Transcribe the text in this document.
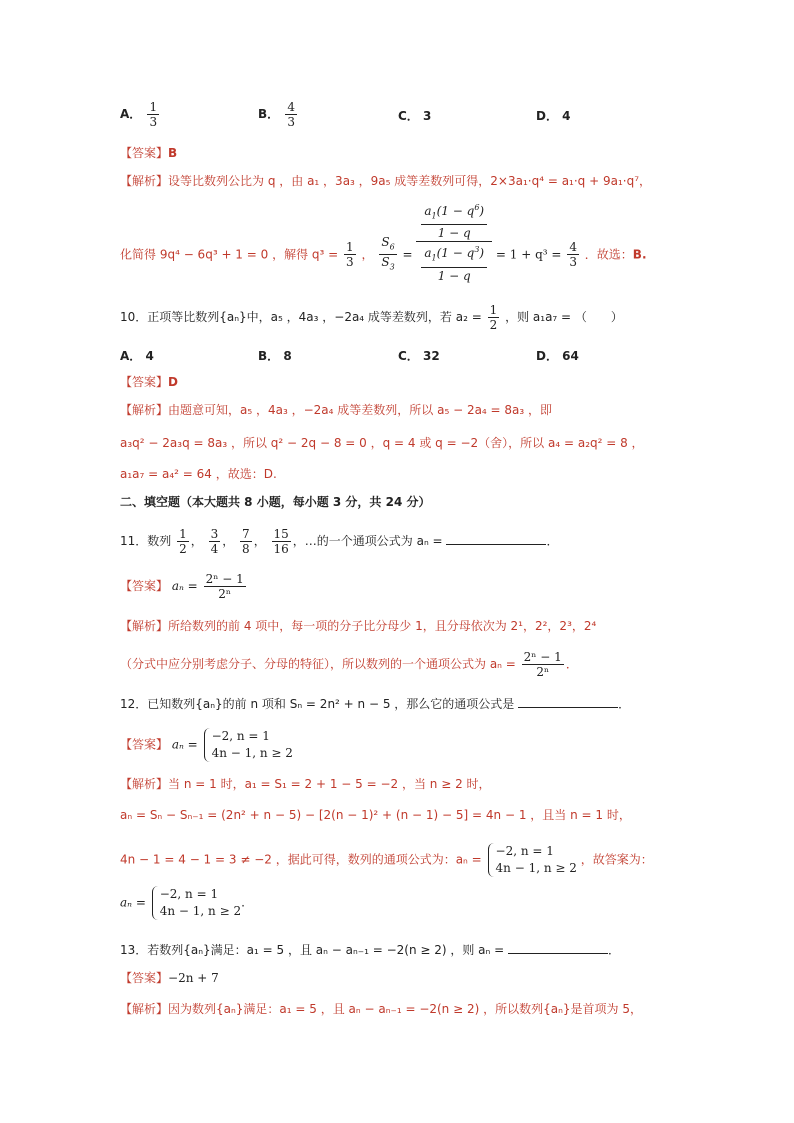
A． $\frac{1}{3}$	B． $\frac{4}{3}$	C． 3	D． 4
【答案】B
【解析】设等比数列公比为 q ，由 a₁ ，3a₃ ，9a₅ 成等差数列可得，2×3a₁·q⁴ = a₁·q + 9a₁·q⁷，
化简得 9q⁴ − 6q³ + 1 = 0 ，解得 $q^3 = \frac{1}{3}$ ， $\frac{S_6}{S_3} = \frac{\frac{a_1(1 - q^6)}{1 - q}}{\frac{a_1(1 - q^3)}{1 - q}} = 1 + q^3 = \frac{4}{3}$ ．故选：B.
10．正项等比数列{aₙ}中，a₅ ，4a₃ ，−2a₄ 成等差数列，若 $a_2 = \frac{1}{2}$ ，则 a₁a₇ = （　　）
A． 4	B． 8	C． 32	D． 64
【答案】D
【解析】由题意可知，a₅ ，4a₃ ，−2a₄ 成等差数列，所以 a₅ − 2a₄ = 8a₃ ，即
a₃q² − 2a₃q = 8a₃ ，所以 q² − 2q − 8 = 0 ，q = 4 或 q = −2（舍），所以 a₄ = a₂q² = 8 ，
a₁a₇ = a₄² = 64 ，故选：D.
二、填空题（本大题共 8 小题，每小题 3 分，共 24 分）
11．数列 $\frac{1}{2}$ ， $\frac{3}{4}$ ， $\frac{7}{8}$ ， $\frac{15}{16}$ ，…的一个通项公式为 aₙ =	．
【答案】 $a_n = \frac{\text{2ⁿ − 1}}{\text{2ⁿ}}$
【解析】所给数列的前 4 项中，每一项的分子比分母少 1，且分母依次为 2¹，2²，2³，2⁴
（分式中应分别考虑分子、分母的特征），所以数列的一个通项公式为 $a_n = \frac{\text{2ⁿ − 1}}{\text{2ⁿ}}$ ．
12．已知数列{aₙ}的前 n 项和 Sₙ = 2n² + n − 5 ，那么它的通项公式是	．
【答案】 aₙ =
−2, n = 1
4n − 1, n ≥ 2
【解析】当 n = 1 时，a₁ = S₁ = 2 + 1 − 5 = −2 ，当 n ≥ 2 时，
aₙ = Sₙ − Sₙ₋₁ = (2n² + n − 5) − [2(n − 1)² + (n − 1) − 5] = 4n − 1 ，且当 n = 1 时，
4n − 1 = 4 − 1 = 3 ≠ −2 ，据此可得，数列的通项公式为：aₙ =
−2, n = 1
4n − 1, n ≥ 2
，故答案为：
aₙ =
−2, n = 1
4n − 1, n ≥ 2
.
13．若数列{aₙ}满足：a₁ = 5 ，且 aₙ − aₙ₋₁ = −2(n ≥ 2) ，则 aₙ =	．
【答案】−2n + 7
【解析】因为数列{aₙ}满足：a₁ = 5 ，且 aₙ − aₙ₋₁ = −2(n ≥ 2) ，所以数列{aₙ}是首项为 5，
